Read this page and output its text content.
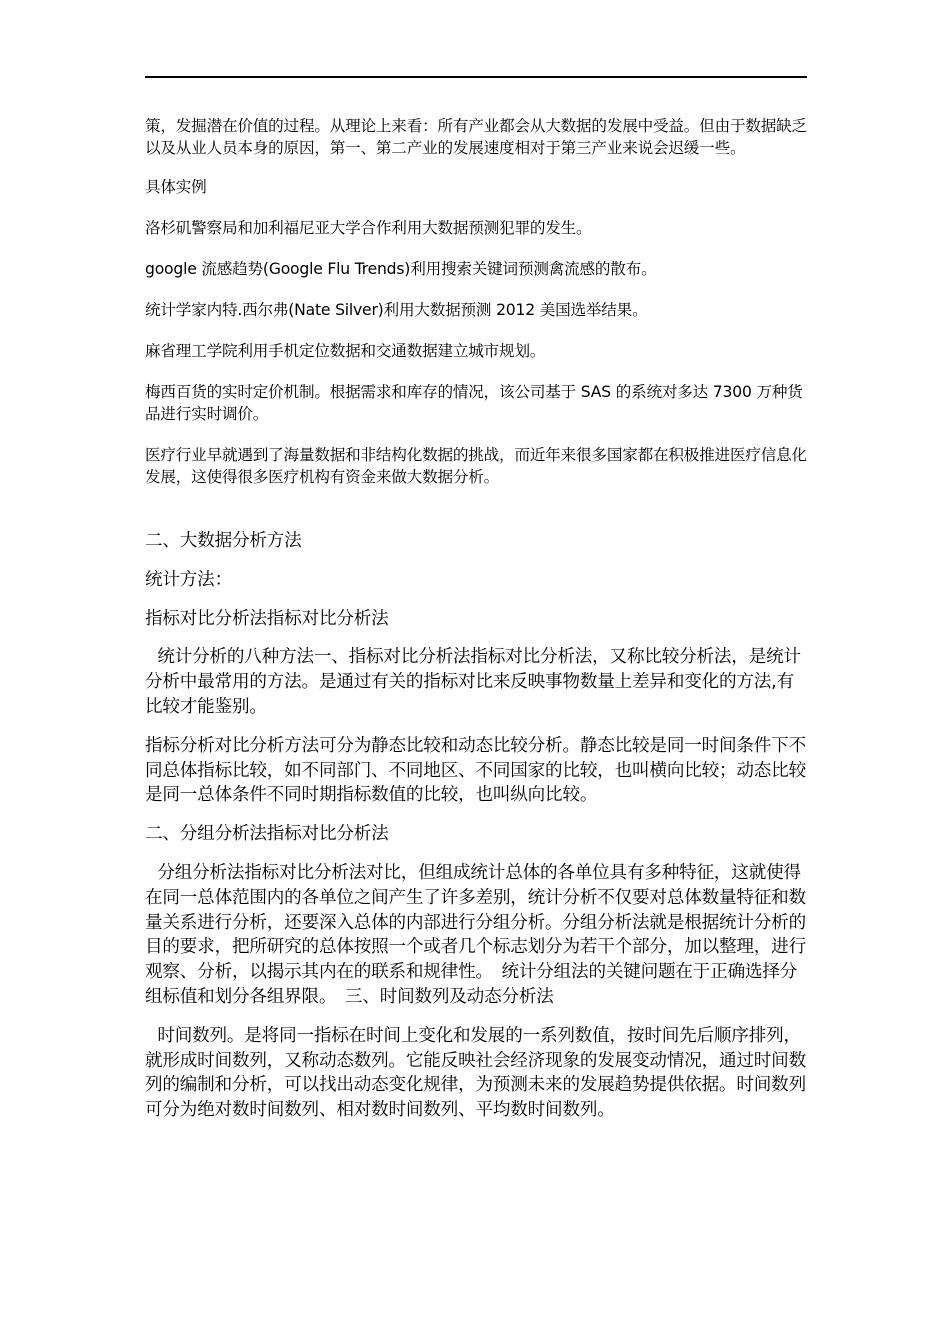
策，发掘潜在价值的过程。从理论上来看：所有产业都会从大数据的发展中受益。但由于数据缺乏以及从业人员本身的原因，第一、第二产业的发展速度相对于第三产业来说会迟缓一些。

具体实例

洛杉矶警察局和加利福尼亚大学合作利用大数据预测犯罪的发生。

google 流感趋势(Google Flu Trends)利用搜索关键词预测禽流感的散布。

统计学家内特.西尔弗(Nate Silver)利用大数据预测 2012 美国选举结果。

麻省理工学院利用手机定位数据和交通数据建立城市规划。

梅西百货的实时定价机制。根据需求和库存的情况，该公司基于 SAS 的系统对多达 7300 万种货品进行实时调价。

医疗行业早就遇到了海量数据和非结构化数据的挑战，而近年来很多国家都在积极推进医疗信息化发展，这使得很多医疗机构有资金来做大数据分析。

二、大数据分析方法

统计方法：

指标对比分析法指标对比分析法

统计分析的八种方法一、指标对比分析法指标对比分析法，又称比较分析法，是统计分析中最常用的方法。是通过有关的指标对比来反映事物数量上差异和变化的方法,有比较才能鉴别。

指标分析对比分析方法可分为静态比较和动态比较分析。静态比较是同一时间条件下不同总体指标比较，如不同部门、不同地区、不同国家的比较，也叫横向比较；动态比较是同一总体条件不同时期指标数值的比较，也叫纵向比较。

二、分组分析法指标对比分析法

分组分析法指标对比分析法对比，但组成统计总体的各单位具有多种特征，这就使得在同一总体范围内的各单位之间产生了许多差别，统计分析不仅要对总体数量特征和数量关系进行分析，还要深入总体的内部进行分组分析。分组分析法就是根据统计分析的目的要求，把所研究的总体按照一个或者几个标志划分为若干个部分，加以整理，进行观察、分析，以揭示其内在的联系和规律性。　统计分组法的关键问题在于正确选择分组标值和划分各组界限。　三、时间数列及动态分析法

时间数列。是将同一指标在时间上变化和发展的一系列数值，按时间先后顺序排列，就形成时间数列，又称动态数列。它能反映社会经济现象的发展变动情况，通过时间数列的编制和分析，可以找出动态变化规律，为预测未来的发展趋势提供依据。时间数列可分为绝对数时间数列、相对数时间数列、平均数时间数列。
